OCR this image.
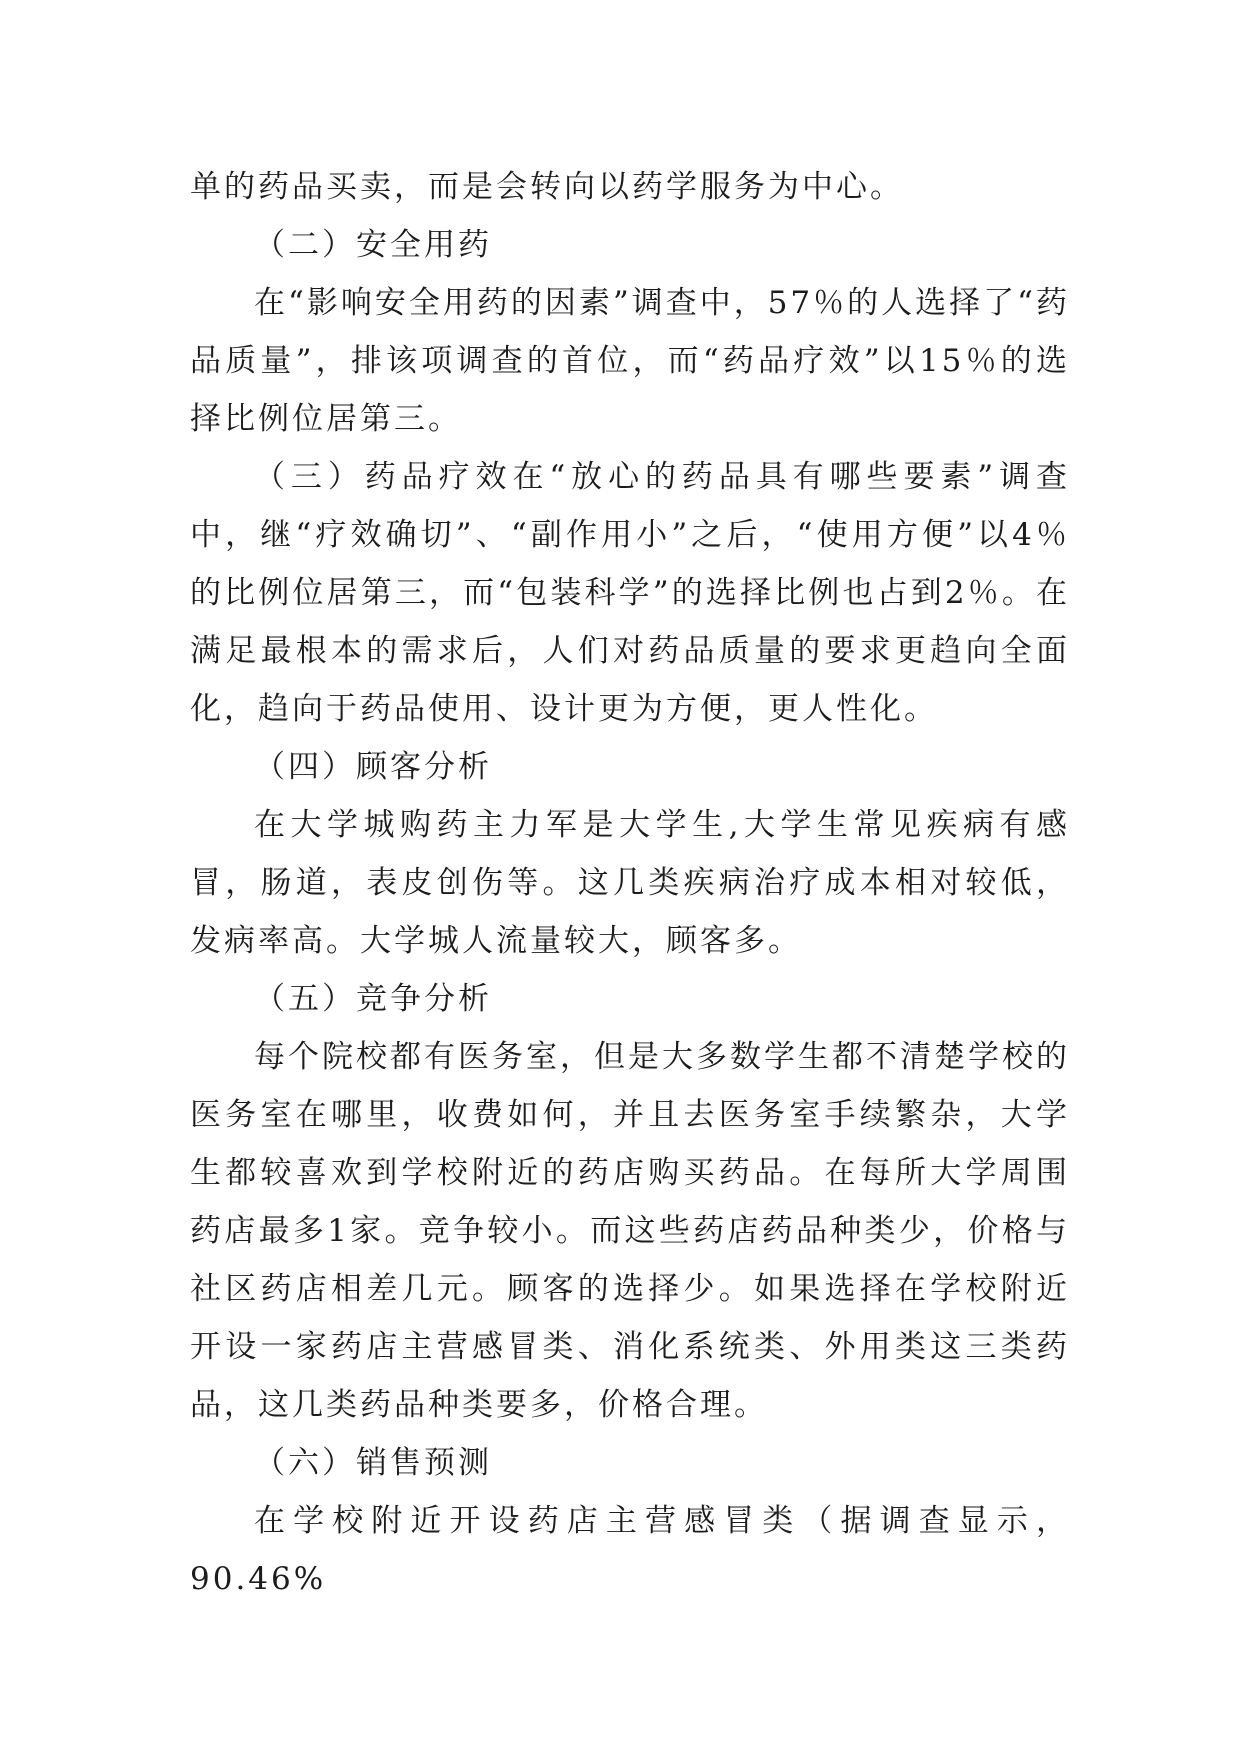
单的药品买卖，而是会转向以药学服务为中心。

（二）安全用药

在“影响安全用药的因素”调查中，57％的人选择了“药品质量”，排该项调查的首位，而“药品疗效”以15％的选择比例位居第三。

（三）药品疗效在“放心的药品具有哪些要素”调查中，继“疗效确切”、“副作用小”之后，“使用方便”以4％的比例位居第三，而“包装科学”的选择比例也占到2％。在满足最根本的需求后，人们对药品质量的要求更趋向全面化，趋向于药品使用、设计更为方便，更人性化。

（四）顾客分析

在大学城购药主力军是大学生,大学生常见疾病有感冒，肠道，表皮创伤等。这几类疾病治疗成本相对较低，发病率高。大学城人流量较大，顾客多。

（五）竞争分析

每个院校都有医务室，但是大多数学生都不清楚学校的医务室在哪里，收费如何，并且去医务室手续繁杂，大学生都较喜欢到学校附近的药店购买药品。在每所大学周围药店最多1家。竞争较小。而这些药店药品种类少，价格与社区药店相差几元。顾客的选择少。如果选择在学校附近开设一家药店主营感冒类、消化系统类、外用类这三类药品，这几类药品种类要多，价格合理。

（六）销售预测

在学校附近开设药店主营感冒类（据调查显示，90.46%
